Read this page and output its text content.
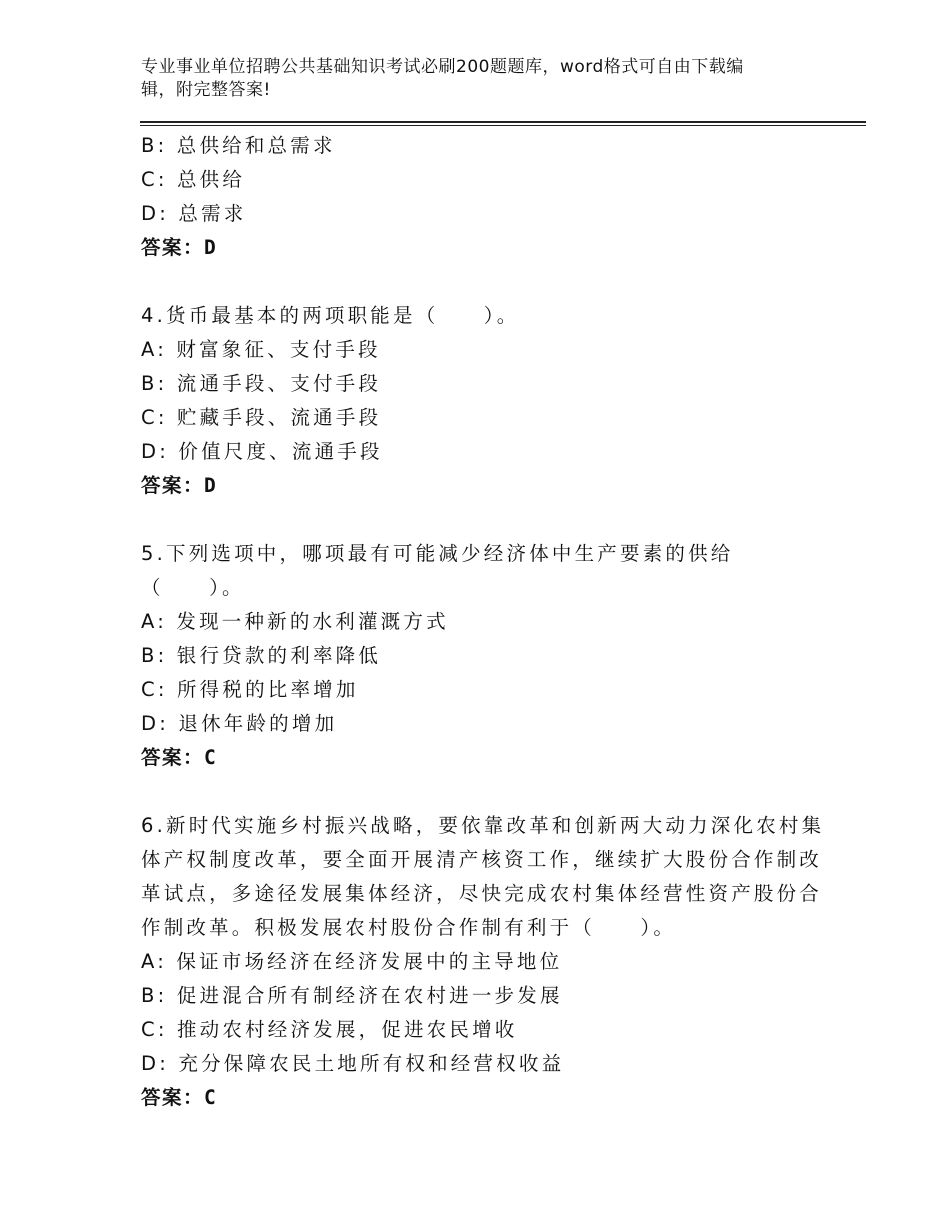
专业事业单位招聘公共基础知识考试必刷200题题库，word格式可自由下载编
辑，附完整答案!
B: 总供给和总需求
C: 总供给
D: 总需求
答案：D
4.货币最基本的两项职能是（　　）。
A: 财富象征、支付手段
B: 流通手段、支付手段
C: 贮藏手段、流通手段
D: 价值尺度、流通手段
答案：D
5.下列选项中，哪项最有可能减少经济体中生产要素的供给
（　　）。
A: 发现一种新的水利灌溉方式
B: 银行贷款的利率降低
C: 所得税的比率增加
D: 退休年龄的增加
答案：C
6.新时代实施乡村振兴战略，要依靠改革和创新两大动力深化农村集
体产权制度改革，要全面开展清产核资工作，继续扩大股份合作制改
革试点，多途径发展集体经济，尽快完成农村集体经营性资产股份合
作制改革。积极发展农村股份合作制有利于（　　）。
A: 保证市场经济在经济发展中的主导地位
B: 促进混合所有制经济在农村进一步发展
C: 推动农村经济发展，促进农民增收
D: 充分保障农民土地所有权和经营权收益
答案：C
